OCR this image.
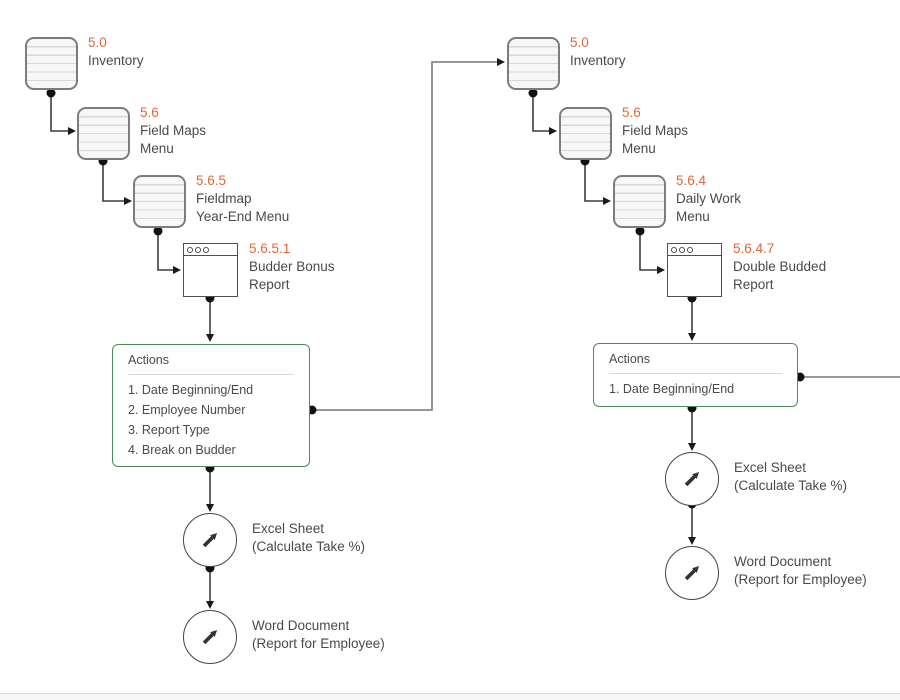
5.0
Inventory
5.6
Field Maps
Menu
5.6.5
Fieldmap
Year-End Menu
5.6.5.1
Budder Bonus
Report
Actions
1. Date Beginning/End
2. Employee Number
3. Report Type
4. Break on Budder
Excel Sheet
(Calculate Take %)
Word Document
(Report for Employee)
5.0
Inventory
5.6
Field Maps
Menu
5.6.4
Daily Work
Menu
5.6.4.7
Double Budded
Report
Actions
1. Date Beginning/End
Excel Sheet
(Calculate Take %)
Word Document
(Report for Employee)
